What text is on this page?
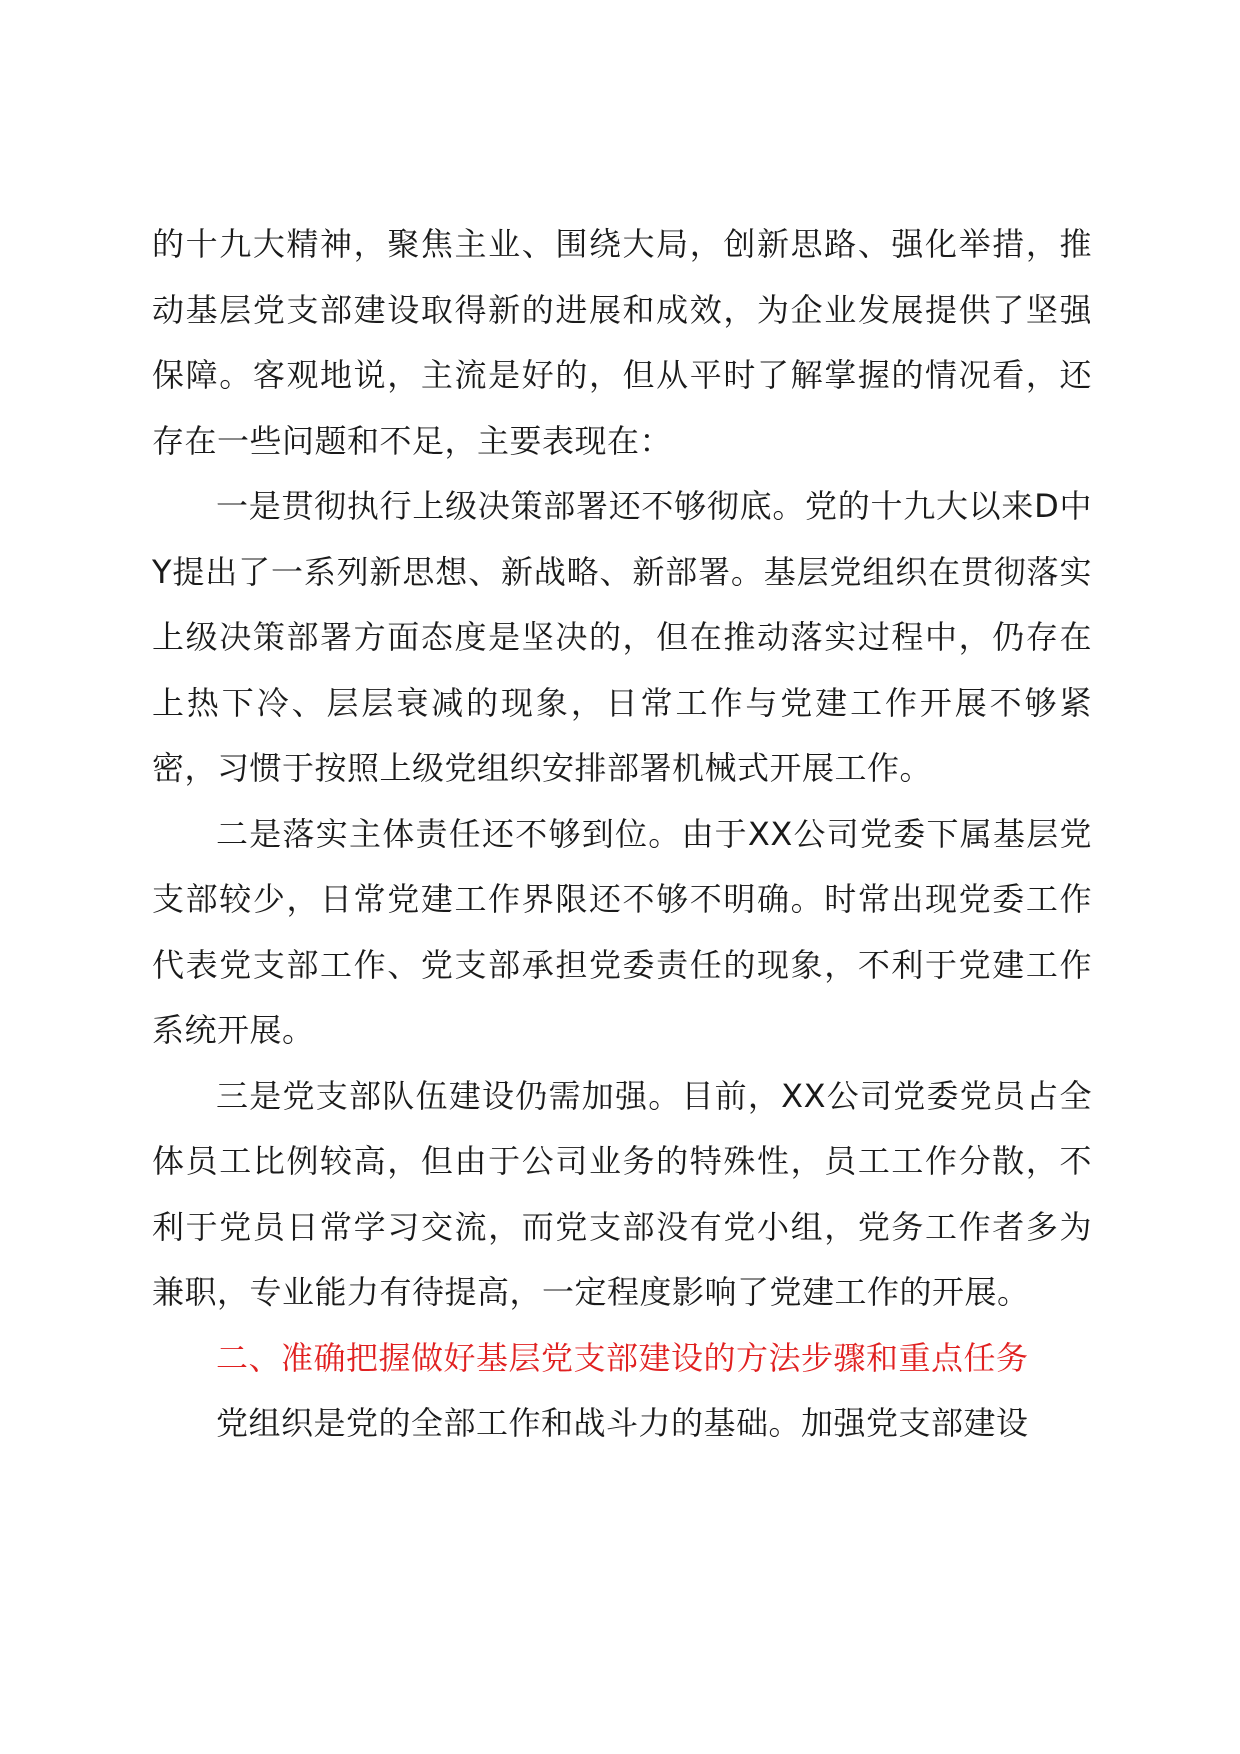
的十九大精神，聚焦主业、围绕大局，创新思路、强化举措，推动基层党支部建设取得新的进展和成效，为企业发展提供了坚强保障。客观地说，主流是好的，但从平时了解掌握的情况看，还存在一些问题和不足，主要表现在：

一是贯彻执行上级决策部署还不够彻底。党的十九大以来D中Y提出了一系列新思想、新战略、新部署。基层党组织在贯彻落实上级决策部署方面态度是坚决的，但在推动落实过程中，仍存在上热下冷、层层衰减的现象，日常工作与党建工作开展不够紧密，习惯于按照上级党组织安排部署机械式开展工作。

二是落实主体责任还不够到位。由于XX公司党委下属基层党支部较少，日常党建工作界限还不够不明确。时常出现党委工作代表党支部工作、党支部承担党委责任的现象，不利于党建工作系统开展。

三是党支部队伍建设仍需加强。目前，XX公司党委党员占全体员工比例较高，但由于公司业务的特殊性，员工工作分散，不利于党员日常学习交流，而党支部没有党小组，党务工作者多为兼职，专业能力有待提高，一定程度影响了党建工作的开展。

二、准确把握做好基层党支部建设的方法步骤和重点任务

党组织是党的全部工作和战斗力的基础。加强党支部建设
